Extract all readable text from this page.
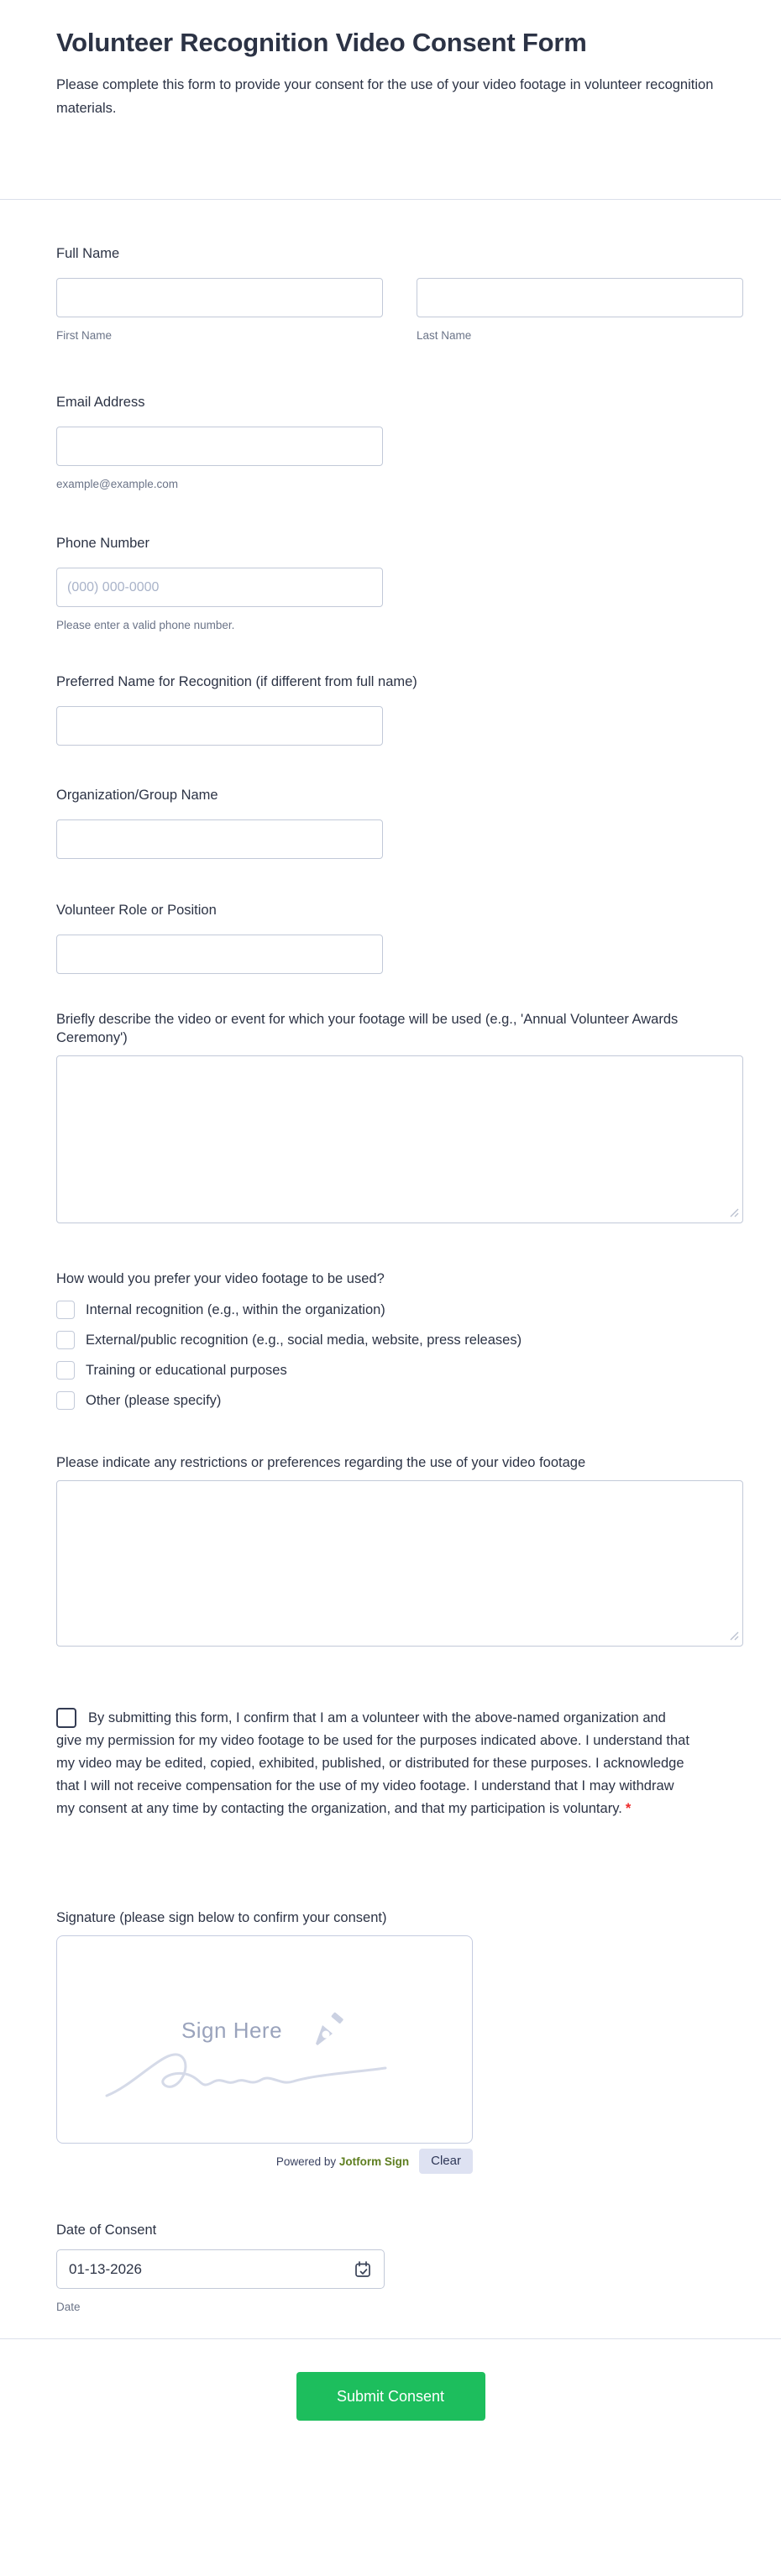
Volunteer Recognition Video Consent Form

Please complete this form to provide your consent for the use of your video footage in volunteer recognition materials.

Full Name
First Name	Last Name
Email Address
example@example.com
Phone Number
(000) 000-0000
Please enter a valid phone number.
Preferred Name for Recognition (if different from full name)
Organization/Group Name
Volunteer Role or Position
Briefly describe the video or event for which your footage will be used (e.g., 'Annual Volunteer Awards Ceremony')
How would you prefer your video footage to be used?
Internal recognition (e.g., within the organization)
External/public recognition (e.g., social media, website, press releases)
Training or educational purposes
Other (please specify)
Please indicate any restrictions or preferences regarding the use of your video footage
By submitting this form, I confirm that I am a volunteer with the above-named organization and give my permission for my video footage to be used for the purposes indicated above. I understand that my video may be edited, copied, exhibited, published, or distributed for these purposes. I acknowledge that I will not receive compensation for the use of my video footage. I understand that I may withdraw my consent at any time by contacting the organization, and that my participation is voluntary. *
Signature (please sign below to confirm your consent)
Sign Here
Powered by Jotform Sign	Clear
Date of Consent
01-13-2026
Date
Submit Consent
